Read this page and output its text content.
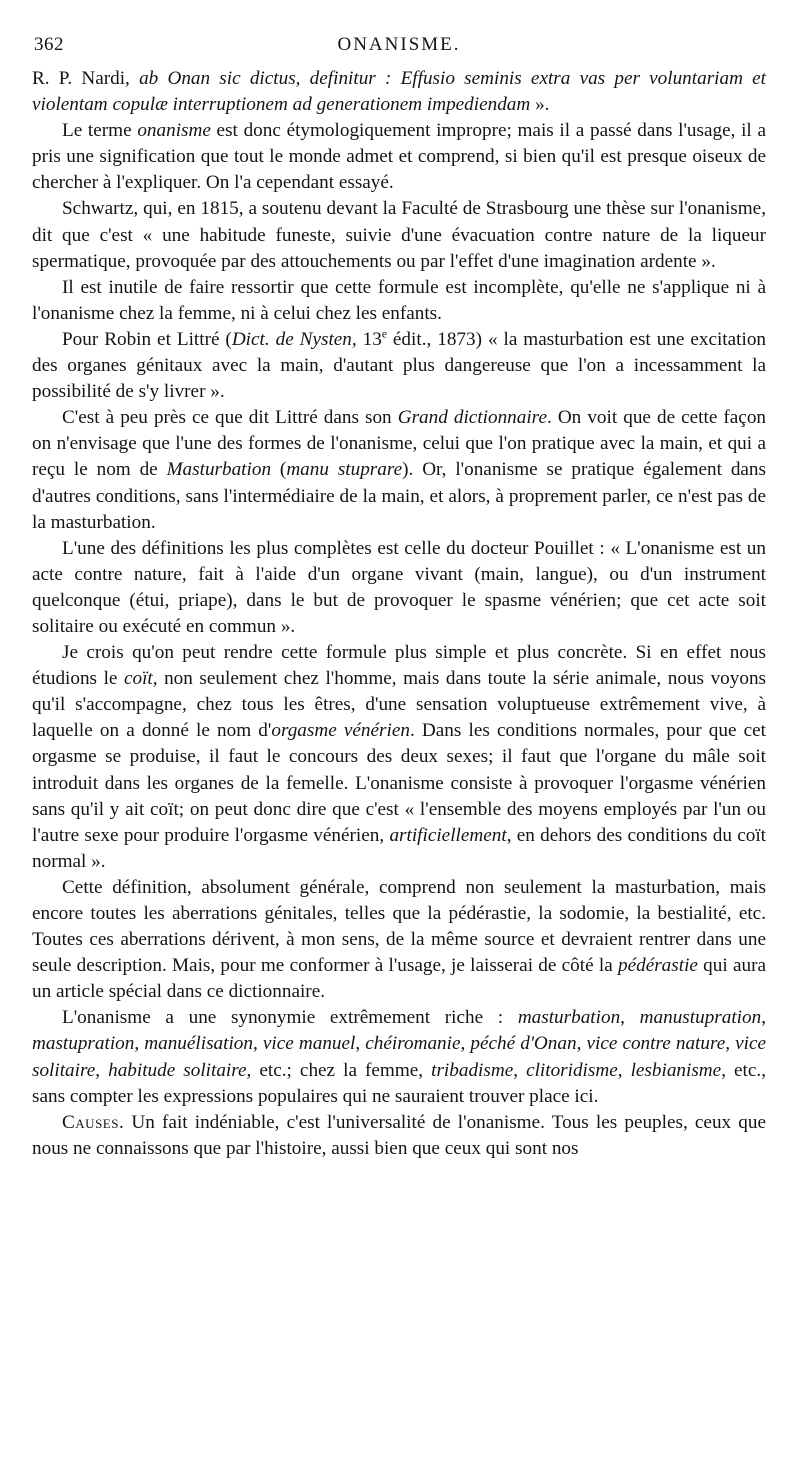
362	ONANISME.

R. P. Nardi, ab Onan sic dictus, definitur : Effusio seminis extra vas per voluntariam et violentam copulæ interruptionem ad generationem impediendam ».

Le terme onanisme est donc étymologiquement impropre; mais il a passé dans l'usage, il a pris une signification que tout le monde admet et comprend, si bien qu'il est presque oiseux de chercher à l'expliquer. On l'a cependant essayé.

Schwartz, qui, en 1815, a soutenu devant la Faculté de Strasbourg une thèse sur l'onanisme, dit que c'est « une habitude funeste, suivie d'une évacuation contre nature de la liqueur spermatique, provoquée par des attouchements ou par l'effet d'une imagination ardente ».

Il est inutile de faire ressortir que cette formule est incomplète, qu'elle ne s'applique ni à l'onanisme chez la femme, ni à celui chez les enfants.

Pour Robin et Littré (Dict. de Nysten, 13e édit., 1873) « la masturbation est une excitation des organes génitaux avec la main, d'autant plus dangereuse que l'on a incessamment la possibilité de s'y livrer ».

C'est à peu près ce que dit Littré dans son Grand dictionnaire. On voit que de cette façon on n'envisage que l'une des formes de l'onanisme, celui que l'on pratique avec la main, et qui a reçu le nom de Masturbation (manu stuprare). Or, l'onanisme se pratique également dans d'autres conditions, sans l'intermédiaire de la main, et alors, à proprement parler, ce n'est pas de la masturbation.

L'une des définitions les plus complètes est celle du docteur Pouillet : « L'onanisme est un acte contre nature, fait à l'aide d'un organe vivant (main, langue), ou d'un instrument quelconque (étui, priape), dans le but de provoquer le spasme vénérien; que cet acte soit solitaire ou exécuté en commun ».

Je crois qu'on peut rendre cette formule plus simple et plus concrète. Si en effet nous étudions le coït, non seulement chez l'homme, mais dans toute la série animale, nous voyons qu'il s'accompagne, chez tous les êtres, d'une sensation voluptueuse extrêmement vive, à laquelle on a donné le nom d'orgasme vénérien. Dans les conditions normales, pour que cet orgasme se produise, il faut le concours des deux sexes; il faut que l'organe du mâle soit introduit dans les organes de la femelle. L'onanisme consiste à provoquer l'orgasme vénérien sans qu'il y ait coït; on peut donc dire que c'est « l'ensemble des moyens employés par l'un ou l'autre sexe pour produire l'orgasme vénérien, artificiellement, en dehors des conditions du coït normal ».

Cette définition, absolument générale, comprend non seulement la masturbation, mais encore toutes les aberrations génitales, telles que la pédérastie, la sodomie, la bestialité, etc. Toutes ces aberrations dérivent, à mon sens, de la même source et devraient rentrer dans une seule description. Mais, pour me conformer à l'usage, je laisserai de côté la pédérastie qui aura un article spécial dans ce dictionnaire.

L'onanisme a une synonymie extrêmement riche : masturbation, manustupration, mastupration, manuélisation, vice manuel, chéiromanie, péché d'Onan, vice contre nature, vice solitaire, habitude solitaire, etc.; chez la femme, tribadisme, clitoridisme, lesbianisme, etc., sans compter les expressions populaires qui ne sauraient trouver place ici.

Causes. Un fait indéniable, c'est l'universalité de l'onanisme. Tous les peuples, ceux que nous ne connaissons que par l'histoire, aussi bien que ceux qui sont nos
